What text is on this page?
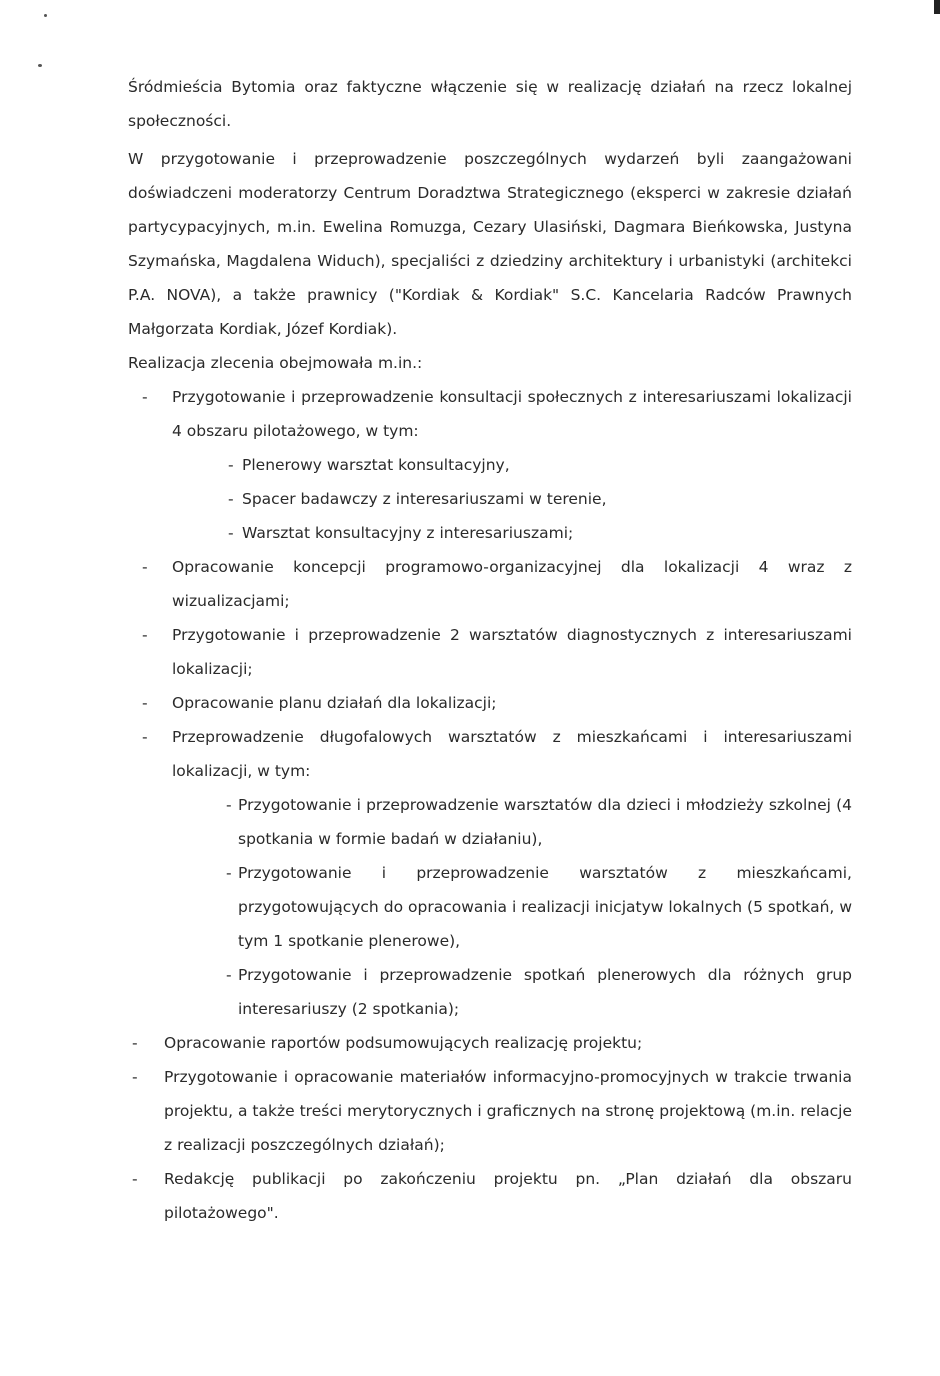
Śródmieścia Bytomia oraz faktyczne włączenie się w realizację działań na rzecz lokalnej społeczności.

W przygotowanie i przeprowadzenie poszczególnych wydarzeń byli zaangażowani doświadczeni moderatorzy Centrum Doradztwa Strategicznego (eksperci w zakresie działań partycypacyjnych, m.in. Ewelina Romuzga, Cezary Ulasiński, Dagmara Bieńkowska, Justyna Szymańska, Magdalena Widuch), specjaliści z dziedziny architektury i urbanistyki (architekci P.A. NOVA), a także prawnicy ("Kordiak & Kordiak" S.C. Kancelaria Radców Prawnych Małgorzata Kordiak, Józef Kordiak).

Realizacja zlecenia obejmowała m.in.:

- Przygotowanie i przeprowadzenie konsultacji społecznych z interesariuszami lokalizacji 4 obszaru pilotażowego, w tym:
- Plenerowy warsztat konsultacyjny,
- Spacer badawczy z interesariuszami w terenie,
- Warsztat konsultacyjny z interesariuszami;
- Opracowanie koncepcji programowo-organizacyjnej dla lokalizacji 4 wraz z wizualizacjami;
- Przygotowanie i przeprowadzenie 2 warsztatów diagnostycznych z interesariuszami lokalizacji;
- Opracowanie planu działań dla lokalizacji;
- Przeprowadzenie długofalowych warsztatów z mieszkańcami i interesariuszami lokalizacji, w tym:
- Przygotowanie i przeprowadzenie warsztatów dla dzieci i młodzieży szkolnej (4 spotkania w formie badań w działaniu),
- Przygotowanie i przeprowadzenie warsztatów z mieszkańcami, przygotowujących do opracowania i realizacji inicjatyw lokalnych (5 spotkań, w tym 1 spotkanie plenerowe),
- Przygotowanie i przeprowadzenie spotkań plenerowych dla różnych grup interesariuszy (2 spotkania);
- Opracowanie raportów podsumowujących realizację projektu;
- Przygotowanie i opracowanie materiałów informacyjno-promocyjnych w trakcie trwania projektu, a także treści merytorycznych i graficznych na stronę projektową (m.in. relacje z realizacji poszczególnych działań);
- Redakcję publikacji po zakończeniu projektu pn. „Plan działań dla obszaru pilotażowego".
